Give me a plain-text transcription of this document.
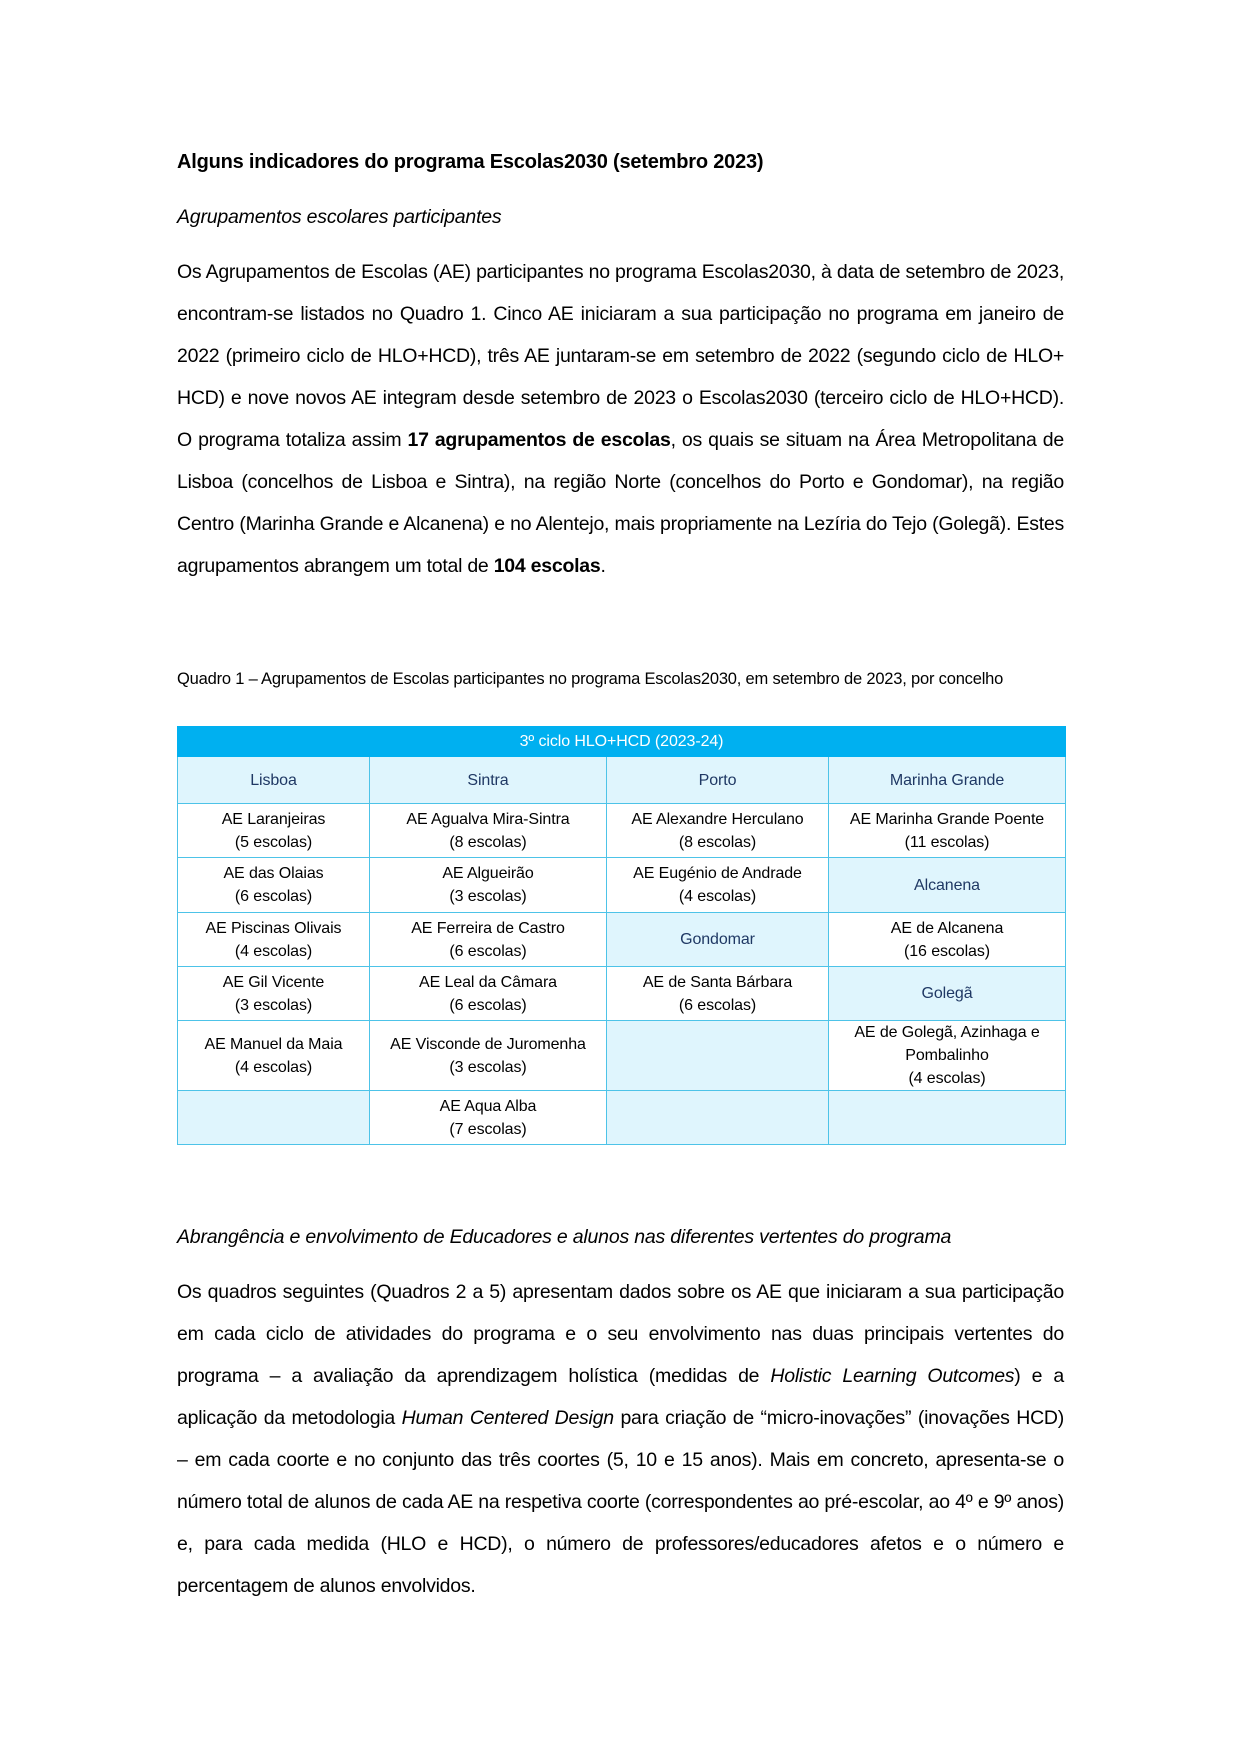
Alguns indicadores do programa Escolas2030 (setembro 2023)
Agrupamentos escolares participantes
Os Agrupamentos de Escolas (AE) participantes no programa Escolas2030, à data de setembro de 2023, encontram-se listados no Quadro 1. Cinco AE iniciaram a sua participação no programa em janeiro de 2022 (primeiro ciclo de HLO+HCD), três AE juntaram-se em setembro de 2022 (segundo ciclo de HLO+ HCD) e nove novos AE integram desde setembro de 2023 o Escolas2030 (terceiro ciclo de HLO+HCD). O programa totaliza assim 17 agrupamentos de escolas, os quais se situam na Área Metropolitana de Lisboa (concelhos de Lisboa e Sintra), na região Norte (concelhos do Porto e Gondomar), na região Centro (Marinha Grande e Alcanena) e no Alentejo, mais propriamente na Lezíria do Tejo (Golegã). Estes agrupamentos abrangem um total de 104 escolas.
Quadro 1 – Agrupamentos de Escolas participantes no programa Escolas2030, em setembro de 2023, por concelho
3º ciclo HLO+HCD (2023-24)			
Lisboa	Sintra	Porto	Marinha Grande

AE Laranjeiras
(5 escolas)	AE Agualva Mira-Sintra
(8 escolas)	AE Alexandre Herculano
(8 escolas)	AE Marinha Grande Poente
(11 escolas)

AE das Olaias
(6 escolas)	AE Algueirão
(3 escolas)	AE Eugénio de Andrade
(4 escolas)	Alcanena

AE Piscinas Olivais
(4 escolas)	AE Ferreira de Castro
(6 escolas)	Gondomar	AE de Alcanena
(16 escolas)

AE Gil Vicente
(3 escolas)	AE Leal da Câmara
(6 escolas)	AE de Santa Bárbara
(6 escolas)	Golegã

AE Manuel da Maia
(4 escolas)	AE Visconde de Juromenha
(3 escolas)		AE de Golegã, Azinhaga e Pombalinho
(4 escolas)

	AE Aqua Alba
(7 escolas)		

Abrangência e envolvimento de Educadores e alunos nas diferentes vertentes do programa
Os quadros seguintes (Quadros 2 a 5) apresentam dados sobre os AE que iniciaram a sua participação em cada ciclo de atividades do programa e o seu envolvimento nas duas principais vertentes do programa – a avaliação da aprendizagem holística (medidas de Holistic Learning Outcomes) e a aplicação da metodologia Human Centered Design para criação de “micro-inovações” (inovações HCD) – em cada coorte e no conjunto das três coortes (5, 10 e 15 anos). Mais em concreto, apresenta-se o número total de alunos de cada AE na respetiva coorte (correspondentes ao pré-escolar, ao 4º e 9º anos) e, para cada medida (HLO e HCD), o número de professores/educadores afetos e o número e percentagem de alunos envolvidos.
